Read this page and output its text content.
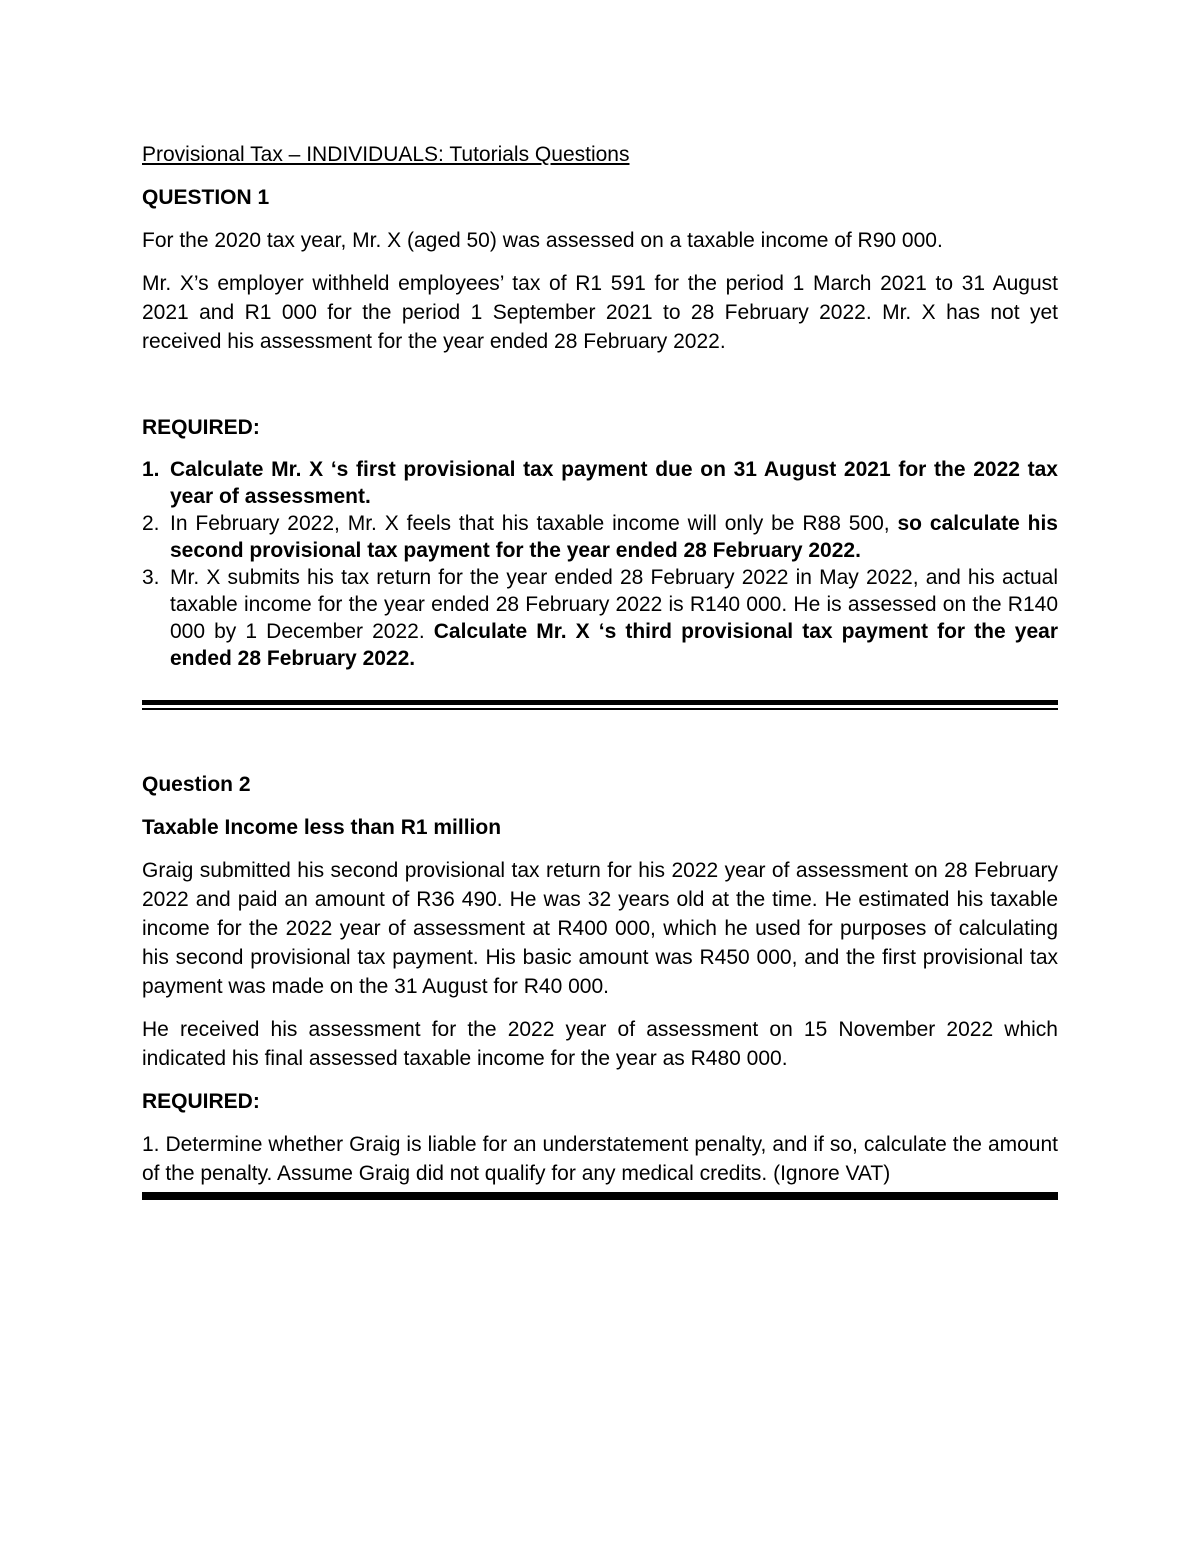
Provisional Tax – INDIVIDUALS: Tutorials Questions
QUESTION 1

For the 2020 tax year, Mr. X (aged 50) was assessed on a taxable income of R90 000.

Mr. X’s employer withheld employees’ tax of R1 591 for the period 1 March 2021 to 31 August 2021 and R1 000 for the period 1 September 2021 to 28 February 2022. Mr. X has not yet received his assessment for the year ended 28 February 2022.

REQUIRED:
1. Calculate Mr. X ‘s first provisional tax payment due on 31 August 2021 for the 2022 tax year of assessment.
2. In February 2022, Mr. X feels that his taxable income will only be R88 500, so calculate his second provisional tax payment for the year ended 28 February 2022.
3. Mr. X submits his tax return for the year ended 28 February 2022 in May 2022, and his actual taxable income for the year ended 28 February 2022 is R140 000. He is assessed on the R140 000 by 1 December 2022. Calculate Mr. X ‘s third provisional tax payment for the year ended 28 February 2022.
Question 2
Taxable Income less than R1 million

Graig submitted his second provisional tax return for his 2022 year of assessment on 28 February 2022 and paid an amount of R36 490. He was 32 years old at the time. He estimated his taxable income for the 2022 year of assessment at R400 000, which he used for purposes of calculating his second provisional tax payment. His basic amount was R450 000, and the first provisional tax payment was made on the 31 August for R40 000.

He received his assessment for the 2022 year of assessment on 15 November 2022 which indicated his final assessed taxable income for the year as R480 000.

REQUIRED:

1. Determine whether Graig is liable for an understatement penalty, and if so, calculate the amount of the penalty. Assume Graig did not qualify for any medical credits. (Ignore VAT)
